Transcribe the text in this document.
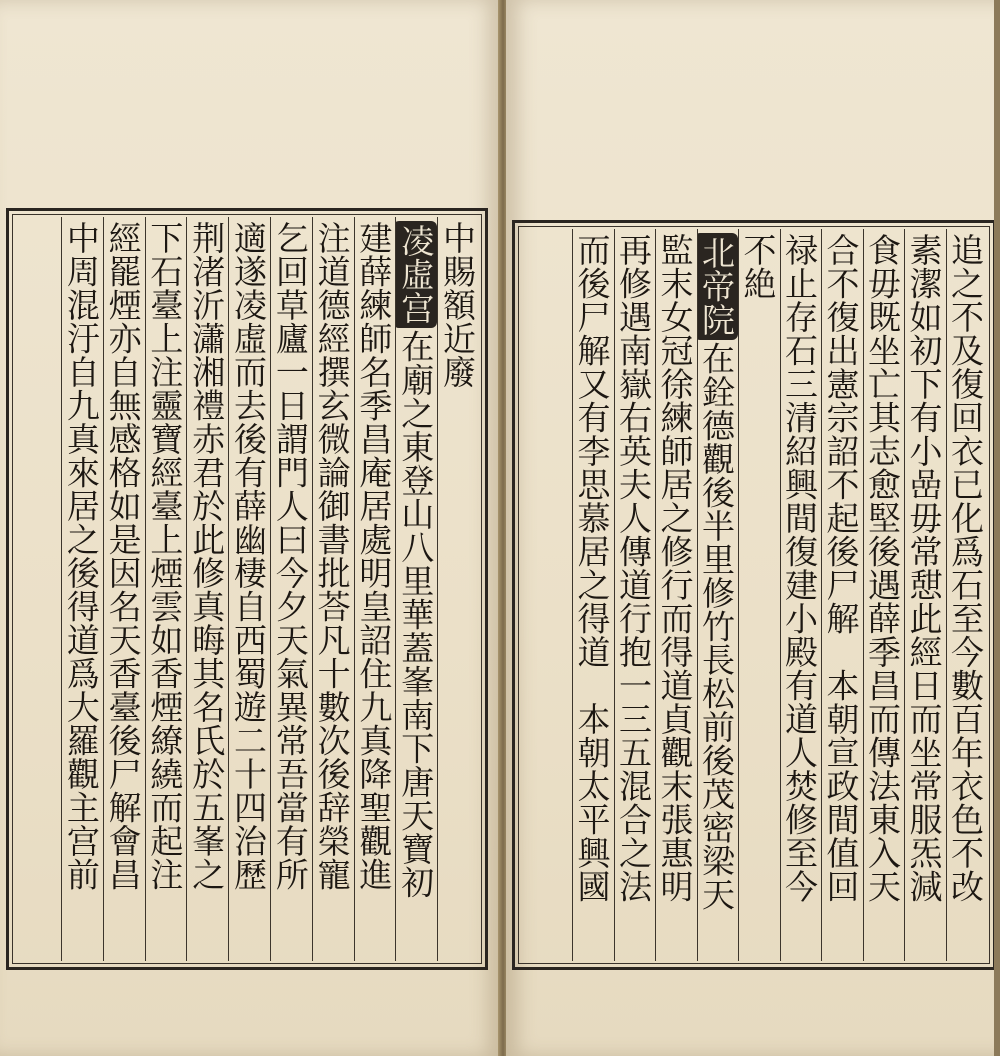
中賜額近廢
凌虛宫在廟之東登山八里華蓋峯南下唐天寶初
建薛練師名季昌庵居處明皇詔住九真降聖觀進
注道德經撰玄微論御書批荅凡十數次後辞榮寵
乞回草廬一日謂門人曰今夕天氣異常吾當有所
適遂凌虛而去後有薛幽棲自西蜀遊二十四治歷
荆渚沂瀟湘禮赤君於此修真晦其名氏於五峯之
下石臺上注靈寶經臺上煙雲如香煙繚繞而起注
經罷煙亦自無感格如是因名天香臺後尸解會昌
中周混汙自九真來居之後得道爲大羅觀主宫前	追之不及復回衣已化爲石至今數百年衣色不改
素潔如初下有小嵒毋常憇此經日而坐常服炁減
食毋既坐亡其志愈堅後遇薛季昌而傳法東入天
合不復出憲宗詔不起後尸解　本朝宣政間值回
禄止存石三清紹興間復建小殿有道人焚修至今
不絶
北帝院在銓德觀後半里修竹長松前後茂密梁天
監末女冠徐練師居之修行而得道貞觀末張惠明
再修遇南嶽右英夫人傳道行抱一三五混合之法
而後尸解又有李思慕居之得道　本朝太平興國
